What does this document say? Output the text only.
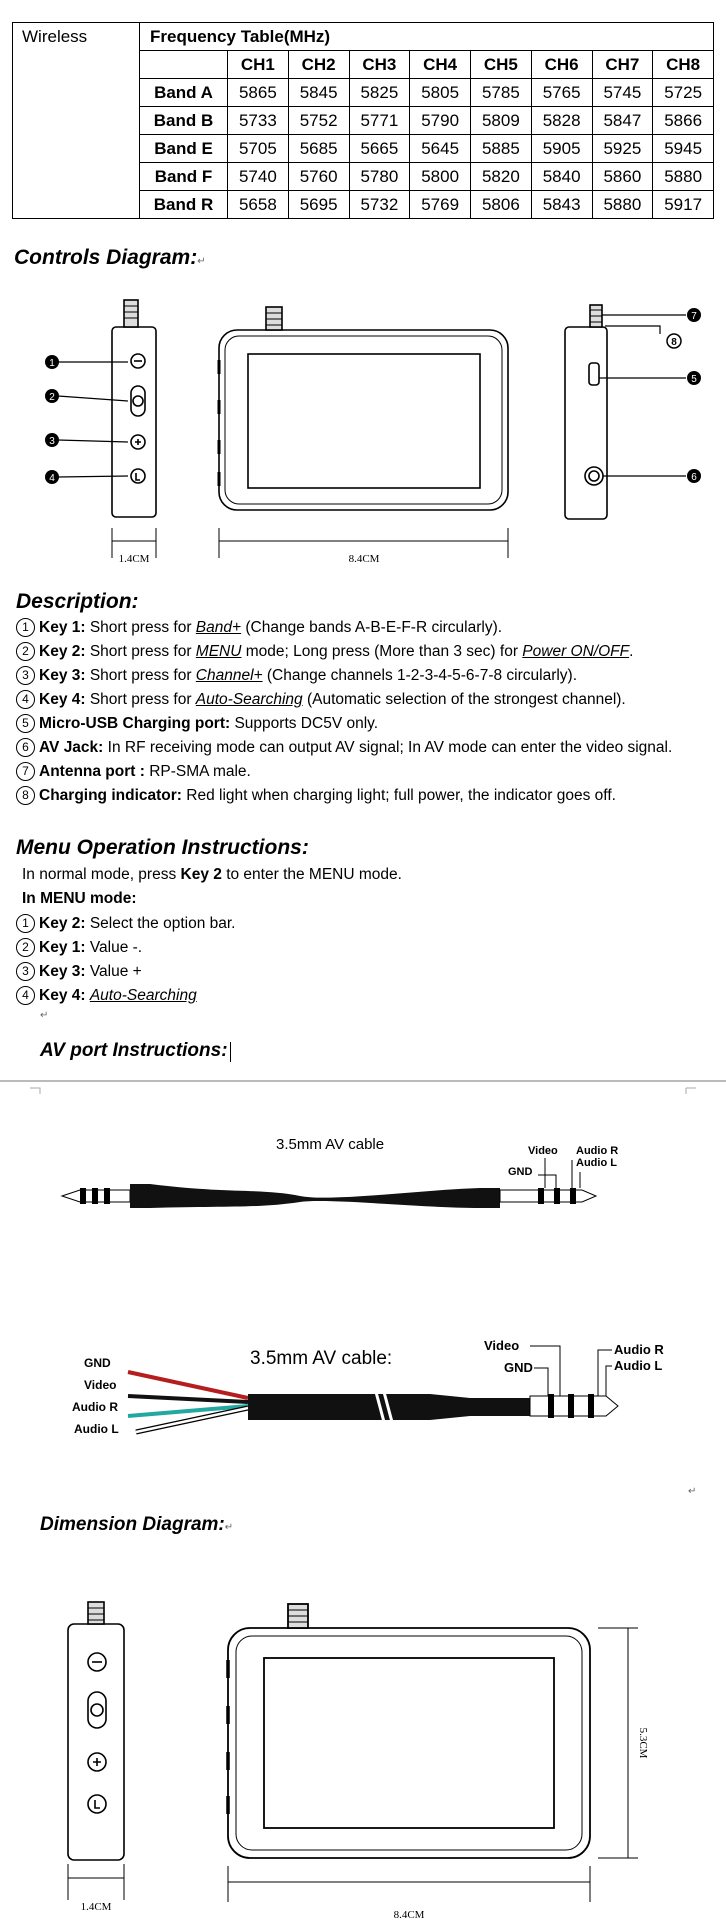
Wireless	Frequency Table(MHz)								
		CH1	CH2	CH3	CH4	CH5	CH6	CH7	CH8
	Band A	5865	5845	5825	5805	5785	5765	5745	5725
	Band B	5733	5752	5771	5790	5809	5828	5847	5866
	Band E	5705	5685	5665	5645	5885	5905	5925	5945
	Band F	5740	5760	5780	5800	5820	5840	5860	5880
	Band R	5658	5695	5732	5769	5806	5843	5880	5917
Controls Diagram:↵
1
2
3
4
7
8
5
6
1.4CM	8.4CM
Description:
1 Key 1: Short press for Band+ (Change bands A-B-E-F-R circularly).
2 Key 2: Short press for MENU mode; Long press (More than 3 sec) for Power ON/OFF.
3 Key 3: Short press for Channel+ (Change channels 1-2-3-4-5-6-7-8 circularly).
4 Key 4: Short press for Auto-Searching (Automatic selection of the strongest channel).
5 Micro-USB Charging port: Supports DC5V only.
6 AV Jack: In RF receiving mode can output AV signal; In AV mode can enter the video signal.
7 Antenna port : RP-SMA male.
8 Charging indicator: Red light when charging light; full power, the indicator goes off.
Menu Operation Instructions:
In normal mode, press Key 2 to enter the MENU mode.
In MENU mode:
1 Key 2: Select the option bar.
2 Key 1: Value -.
3 Key 3: Value +
4 Key 4: Auto-Searching
↵
AV port Instructions:
3.5mm AV cable	Video Audio R
Audio L
GND
3.5mm AV cable:
GND
Video
Audio R
Audio L
Video
GND
Audio R
Audio L
↵
Dimension Diagram:↵
1.4CM
8.4CM
5.3CM
